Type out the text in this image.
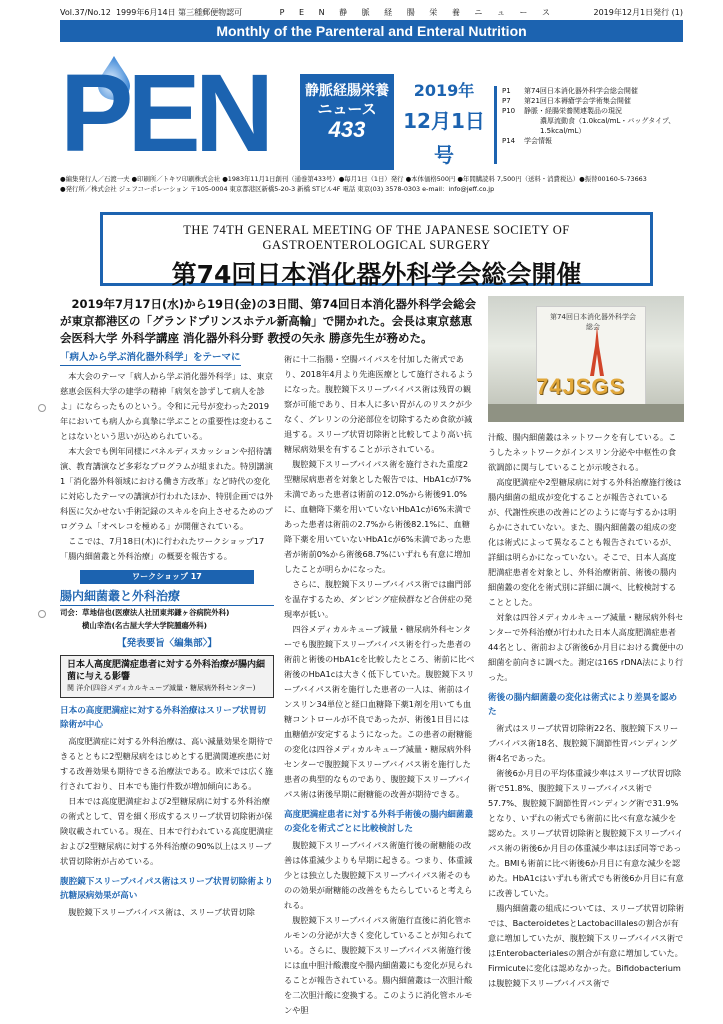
Vol.37/No.12 1999年6月14日 第三種郵便物認可	P E N 静 脈 経 腸 栄 養 ニ ュ ー ス	2019年12月1日発行 (1)
Monthly of the Parenteral and Enteral Nutrition
PEN	静脈経腸栄養
ニュース
433
2019年
12月1日号
P1	第74回日本消化器外科学会総会開催
P7	第21回日本褥瘡学会学術集会開催
P10	静脈・経腸栄養関連製品の現況
濃厚流動食（1.0kcal/mL・バッグタイプ、
1.5kcal/mL）
P14	学会情報
●編集発行人／石渡一夫 ●印刷所／トキワ印刷株式会社 ●1983年11月1日創刊（通巻第433号）●毎月1日（1日）発行 ●本体価格500円 ●年間購読料 7,500円（送料・消費税込）●振替00160-5-73663
●発行所／株式会社 ジェフコーポレーション 〒105-0004 東京都港区新橋5-20-3 新橋 STビル4F 電話 東京(03) 3578-0303 e-mail：info@jeff.co.jp
THE 74TH GENERAL MEETING OF THE JAPANESE SOCIETY OF GASTROENTEROLOGICAL SURGERY
第74回日本消化器外科学会総会開催
2019年7月17日(水)から19日(金)の3日間、第74回日本消化器外科学会総会が東京都港区の「グランドプリンスホテル新高輪」で開かれた。会長は東京慈恵会医科大学 外科学講座 消化器外科分野 教授の矢永 勝彦先生が務めた。
第74回日本消化器外科学会総会
74JSGS
「病人から学ぶ消化器外科学」をテーマに

本大会のテーマ「病人から学ぶ消化器外科学」は、東京慈恵会医科大学の建学の精神「病気を診ずして病人を診よ」にならったものという。令和に元号が変わった2019年においても病人から真摯に学ぶことの重要性は変わることはないという思いが込められている。

本大会でも例年同様にパネルディスカッションや招待講演、教育講演など多彩なプログラムが組まれた。特別講演1「消化器外科領域における働き方改革」など時代の変化に対応したテーマの講演が行われたほか、特別企画では外科医に欠かせない手術記録のスキルを向上させるためのプログラム「オペレコを極める」が開催されている。

ここでは、7月18日(木)に行われたワークショップ17「腸内細菌叢と外科治療」の概要を報告する。

ワークショップ 17
腸内細菌叢と外科治療
司会：草地信也(医療法人社団東邦鎌ヶ谷病院外科)
横山幸浩(名古屋大学大学院腫瘍外科)
【発表要旨〈編集部〉】
日本人高度肥満症患者に対する外科治療が腸内細菌に与える影響
関 洋介(四谷メディカルキューブ減量・糖尿病外科センター)
日本の高度肥満症に対する外科治療はスリーブ状胃切除術が中心

高度肥満症に対する外科治療は、高い減量効果を期待できるとともに2型糖尿病をはじめとする肥満関連疾患に対する改善効果も期待できる治療法である。欧米では広く施行されており、日本でも施行件数が増加傾向にある。

日本では高度肥満症および2型糖尿病に対する外科治療の術式として、胃を細く形成するスリーブ状胃切除術が保険収載されている。現在、日本で行われている高度肥満症および2型糖尿病に対する外科治療の90%以上はスリーブ状胃切除術が占めている。

腹腔鏡下スリーブバイパス術はスリーブ状胃切除術より抗糖尿病効果が高い

腹腔鏡下スリーブバイパス術は、スリーブ状胃切除

術に十二指腸・空腸バイパスを付加した術式であり、2018年4月より先進医療として施行されるようになった。腹腔鏡下スリーブバイパス術は残胃の観察が可能であり、日本人に多い胃がんのリスクが少なく、グレリンの分泌部位を切除するため食欲が減退する。スリーブ状胃切除術と比較してより高い抗糖尿病効果を有することが示されている。

腹腔鏡下スリーブバイパス術を施行された重度2型糖尿病患者を対象とした報告では、HbA1cが7%未満であった患者は術前の12.0%から術後91.0%に、血糖降下薬を用いていないHbA1cが6%未満であった患者は術前の2.7%から術後82.1%に、血糖降下薬を用いていないHbA1cが6%未満であった患者が術前0%から術後68.7%にいずれも有意に増加したことが明らかになった。

さらに、腹腔鏡下スリーブバイパス術では幽門部を温存するため、ダンピング症候群など合併症の発現率が低い。

四谷メディカルキューブ減量・糖尿病外科センターでも腹腔鏡下スリーブバイパス術を行った患者の術前と術後のHbA1cを比較したところ、術前に比べ術後のHbA1cは大きく低下していた。腹腔鏡下スリーブバイパス術を施行した患者の一人は、術前はインスリン34単位と経口血糖降下薬1剤を用いても血糖コントロールが不良であったが、術後1日目には血糖値が安定するようになった。この患者の耐糖能の変化は四谷メディカルキューブ減量・糖尿病外科センターで腹腔鏡下スリーブバイパス術を施行した患者の典型的なものであり、腹腔鏡下スリーブバイパス術は術後早期に耐糖能の改善が期待できる。

高度肥満症患者に対する外科手術後の腸内細菌叢の変化を術式ごとに比較検討した

腹腔鏡下スリーブバイパス術施行後の耐糖能の改善は体重減少よりも早期に起きる。つまり、体重減少とは独立した腹腔鏡下スリーブバイパス術そのものの効果が耐糖能の改善をもたらしていると考えられる。

腹腔鏡下スリーブバイパス術施行直後に消化管ホルモンの分泌が大きく変化していることが知られている。さらに、腹腔鏡下スリーブバイパス術施行後には血中胆汁酸濃度や腸内細菌叢にも変化が見られることが報告されている。腸内細菌叢は一次胆汁酸を二次胆汁酸に変換する。このように消化管ホルモンや胆

汁酸、腸内細菌叢はネットワークを有している。こうしたネットワークがインスリン分泌や中枢性の食欲調節に関与していることが示唆される。

高度肥満症や2型糖尿病に対する外科治療施行後は腸内細菌の組成が変化することが報告されているが、代謝性疾患の改善にどのように寄与するかは明らかにされていない。また、腸内細菌叢の組成の変化は術式によって異なることも報告されているが、詳細は明らかになっていない。そこで、日本人高度肥満症患者を対象とし、外科治療術前、術後の腸内細菌叢の変化を術式別に詳細に調べ、比較検討することとした。

対象は四谷メディカルキューブ減量・糖尿病外科センターで外科治療が行われた日本人高度肥満症患者44名とし、術前および術後6か月目における糞便中の細菌を前向きに調べた。測定は16S rDNA法により行った。

術後の腸内細菌叢の変化は術式により差異を認めた

術式はスリーブ状胃切除術22名、腹腔鏡下スリーブバイパス術18名、腹腔鏡下調節性胃バンディング術4名であった。

術後6か月目の平均体重減少率はスリーブ状胃切除術で51.8%、腹腔鏡下スリーブバイパス術で57.7%、腹腔鏡下調節性胃バンディング術で31.9%となり、いずれの術式でも術前に比べ有意な減少を認めた。スリーブ状胃切除術と腹腔鏡下スリーブバイパス術の術後6か月目の体重減少率はほぼ同等であった。BMIも術前に比べ術後6か月目に有意な減少を認めた。HbA1cはいずれも術式でも術後6か月目に有意に改善していた。

腸内細菌叢の組成については、スリーブ状胃切除術では、BacteroidetesとLactobacillalesの割合が有意に増加していたが、腹腔鏡下スリーブバイパス術ではEnterobacterialesの割合が有意に増加していた。Firmicuteに変化は認めなかった。Bifidobacteriumは腹腔鏡下スリーブバイパス術で
